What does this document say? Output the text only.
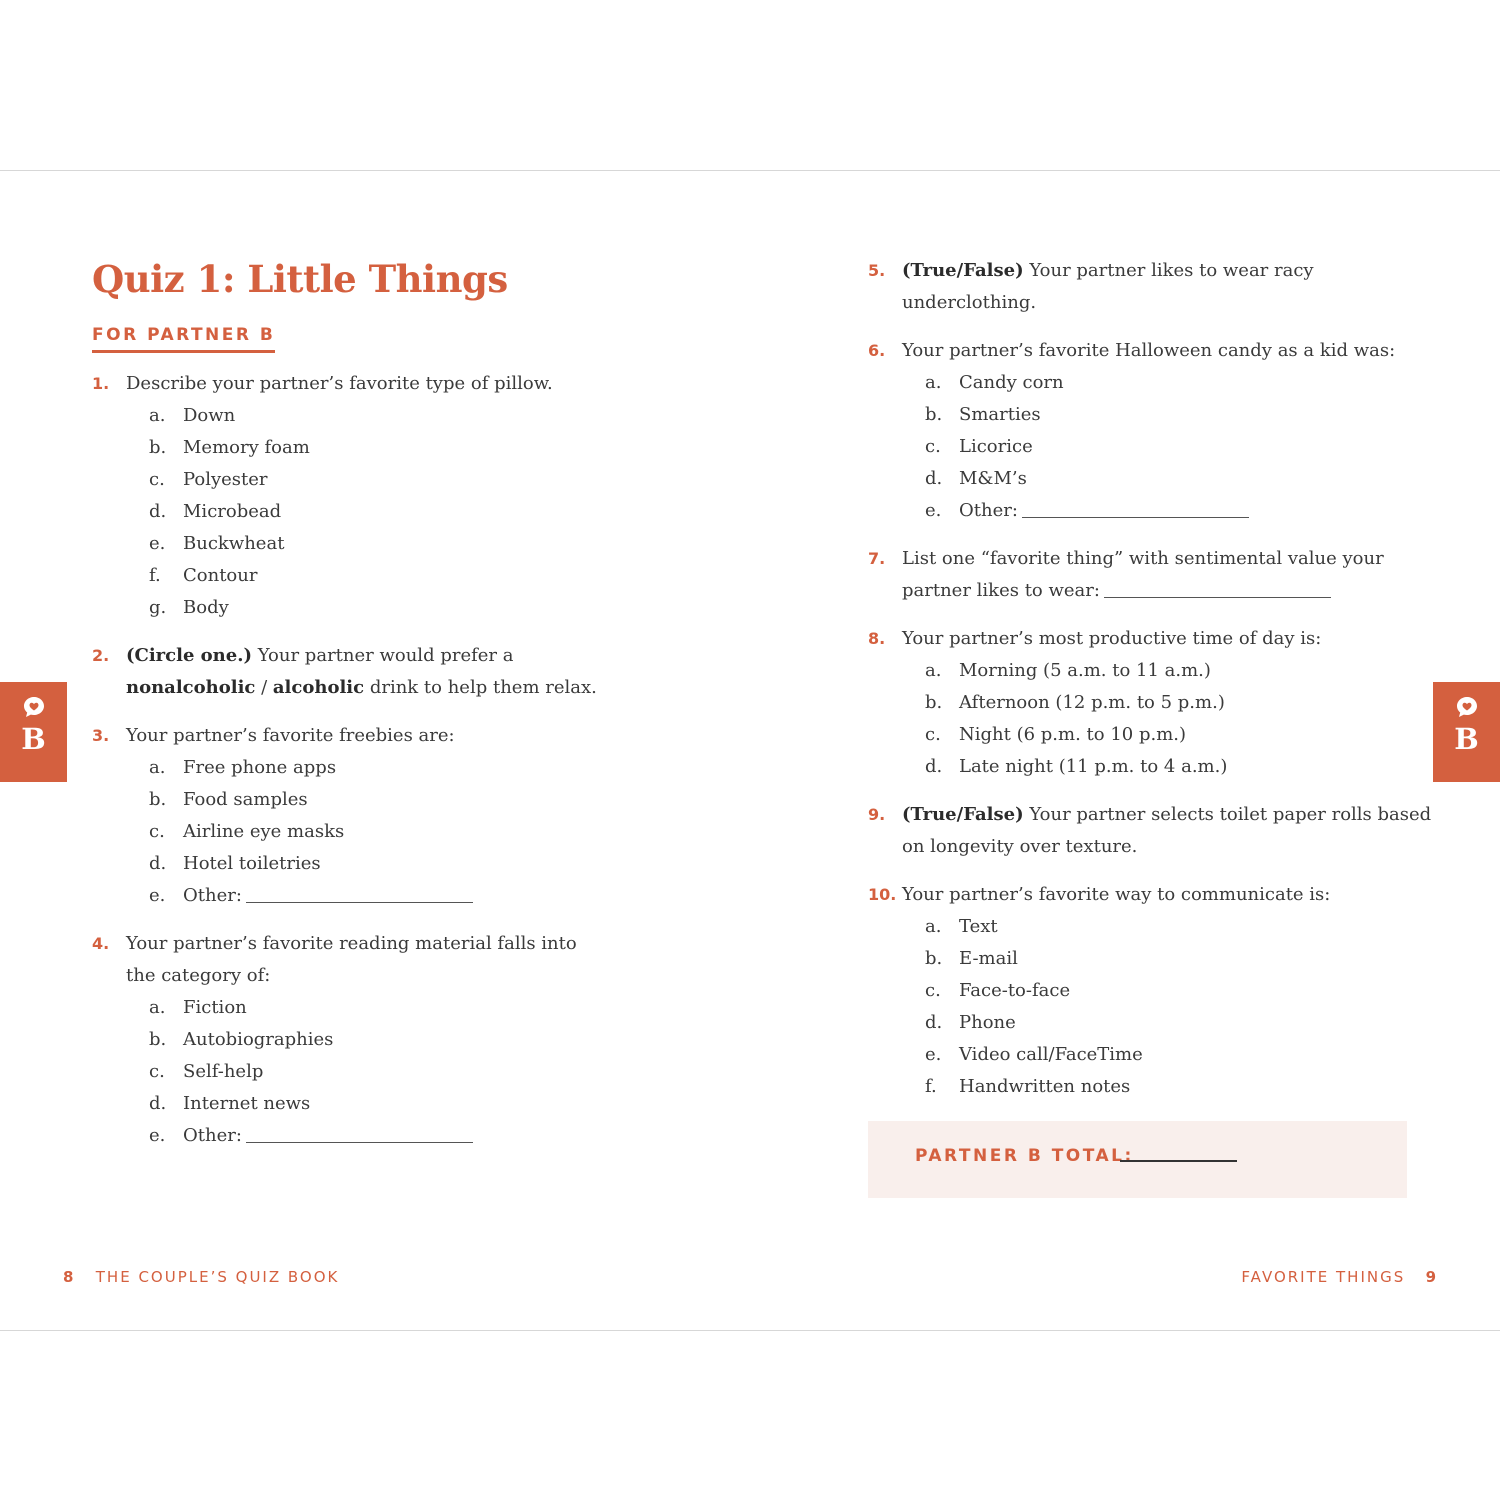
Quiz 1: Little Things
FOR PARTNER B
1. Describe your partner’s favorite type of pillow.
a. Down
b. Memory foam
c. Polyester
d. Microbead
e. Buckwheat
f. Contour
g. Body
2. (Circle one.) Your partner would prefer a nonalcoholic / alcoholic drink to help them relax.
3. Your partner’s favorite freebies are:
a. Free phone apps
b. Food samples
c. Airline eye masks
d. Hotel toiletries
e. Other:
4. Your partner’s favorite reading material falls into the category of:
a. Fiction
b. Autobiographies
c. Self-help
d. Internet news
e. Other:
5. (True/False) Your partner likes to wear racy underclothing.
6. Your partner’s favorite Halloween candy as a kid was:
a. Candy corn
b. Smarties
c. Licorice
d. M&M’s
e. Other:
7. List one “favorite thing” with sentimental value your partner likes to wear:
8. Your partner’s most productive time of day is:
a. Morning (5 a.m. to 11 a.m.)
b. Afternoon (12 p.m. to 5 p.m.)
c. Night (6 p.m. to 10 p.m.)
d. Late night (11 p.m. to 4 a.m.)
9. (True/False) Your partner selects toilet paper rolls based on longevity over texture.
10. Your partner’s favorite way to communicate is:
a. Text
b. E-mail
c. Face-to-face
d. Phone
e. Video call/FaceTime
f. Handwritten notes
PARTNER B TOTAL:
B	B
8 THE COUPLE’S QUIZ BOOK	FAVORITE THINGS 9
